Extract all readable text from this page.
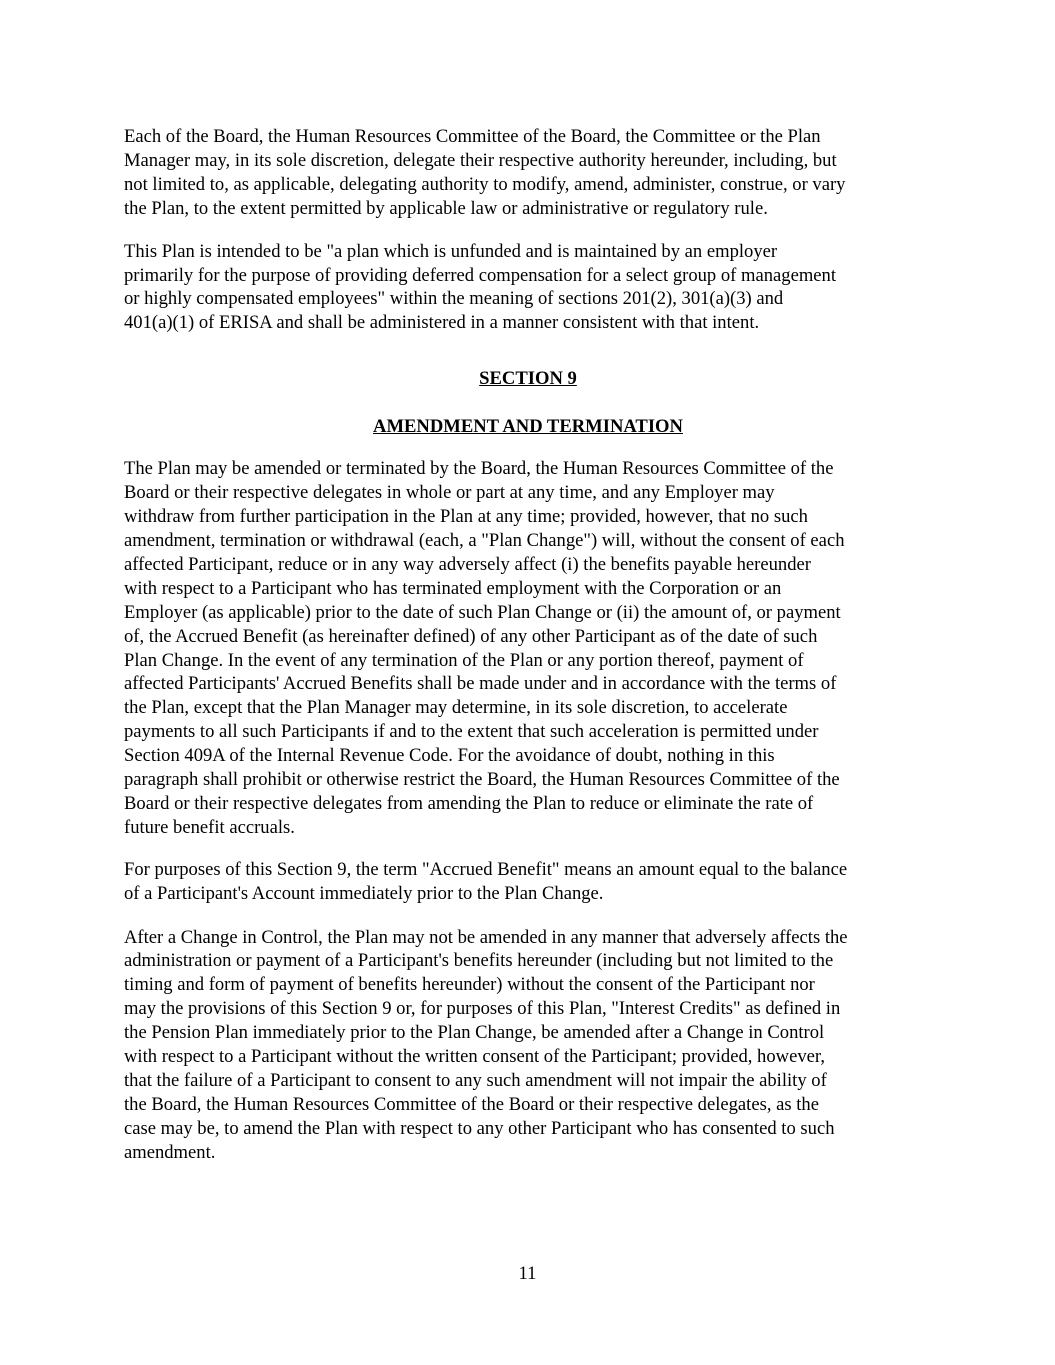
Each of the Board, the Human Resources Committee of the Board, the Committee or the Plan
Manager may, in its sole discretion, delegate their respective authority hereunder, including, but
not limited to, as applicable, delegating authority to modify, amend, administer, construe, or vary
the Plan, to the extent permitted by applicable law or administrative or regulatory rule.

This Plan is intended to be "a plan which is unfunded and is maintained by an employer
primarily for the purpose of providing deferred compensation for a select group of management
or highly compensated employees" within the meaning of sections 201(2), 301(a)(3) and
401(a)(1) of ERISA and shall be administered in a manner consistent with that intent.

SECTION 9
AMENDMENT AND TERMINATION

The Plan may be amended or terminated by the Board, the Human Resources Committee of the
Board or their respective delegates in whole or part at any time, and any Employer may
withdraw from further participation in the Plan at any time; provided, however, that no such
amendment, termination or withdrawal (each, a "Plan Change") will, without the consent of each
affected Participant, reduce or in any way adversely affect (i) the benefits payable hereunder
with respect to a Participant who has terminated employment with the Corporation or an
Employer (as applicable) prior to the date of such Plan Change or (ii) the amount of, or payment
of, the Accrued Benefit (as hereinafter defined) of any other Participant as of the date of such
Plan Change. In the event of any termination of the Plan or any portion thereof, payment of
affected Participants' Accrued Benefits shall be made under and in accordance with the terms of
the Plan, except that the Plan Manager may determine, in its sole discretion, to accelerate
payments to all such Participants if and to the extent that such acceleration is permitted under
Section 409A of the Internal Revenue Code. For the avoidance of doubt, nothing in this
paragraph shall prohibit or otherwise restrict the Board, the Human Resources Committee of the
Board or their respective delegates from amending the Plan to reduce or eliminate the rate of
future benefit accruals.

For purposes of this Section 9, the term "Accrued Benefit" means an amount equal to the balance
of a Participant's Account immediately prior to the Plan Change.

After a Change in Control, the Plan may not be amended in any manner that adversely affects the
administration or payment of a Participant's benefits hereunder (including but not limited to the
timing and form of payment of benefits hereunder) without the consent of the Participant nor
may the provisions of this Section 9 or, for purposes of this Plan, "Interest Credits" as defined in
the Pension Plan immediately prior to the Plan Change, be amended after a Change in Control
with respect to a Participant without the written consent of the Participant; provided, however,
that the failure of a Participant to consent to any such amendment will not impair the ability of
the Board, the Human Resources Committee of the Board or their respective delegates, as the
case may be, to amend the Plan with respect to any other Participant who has consented to such
amendment.

11
